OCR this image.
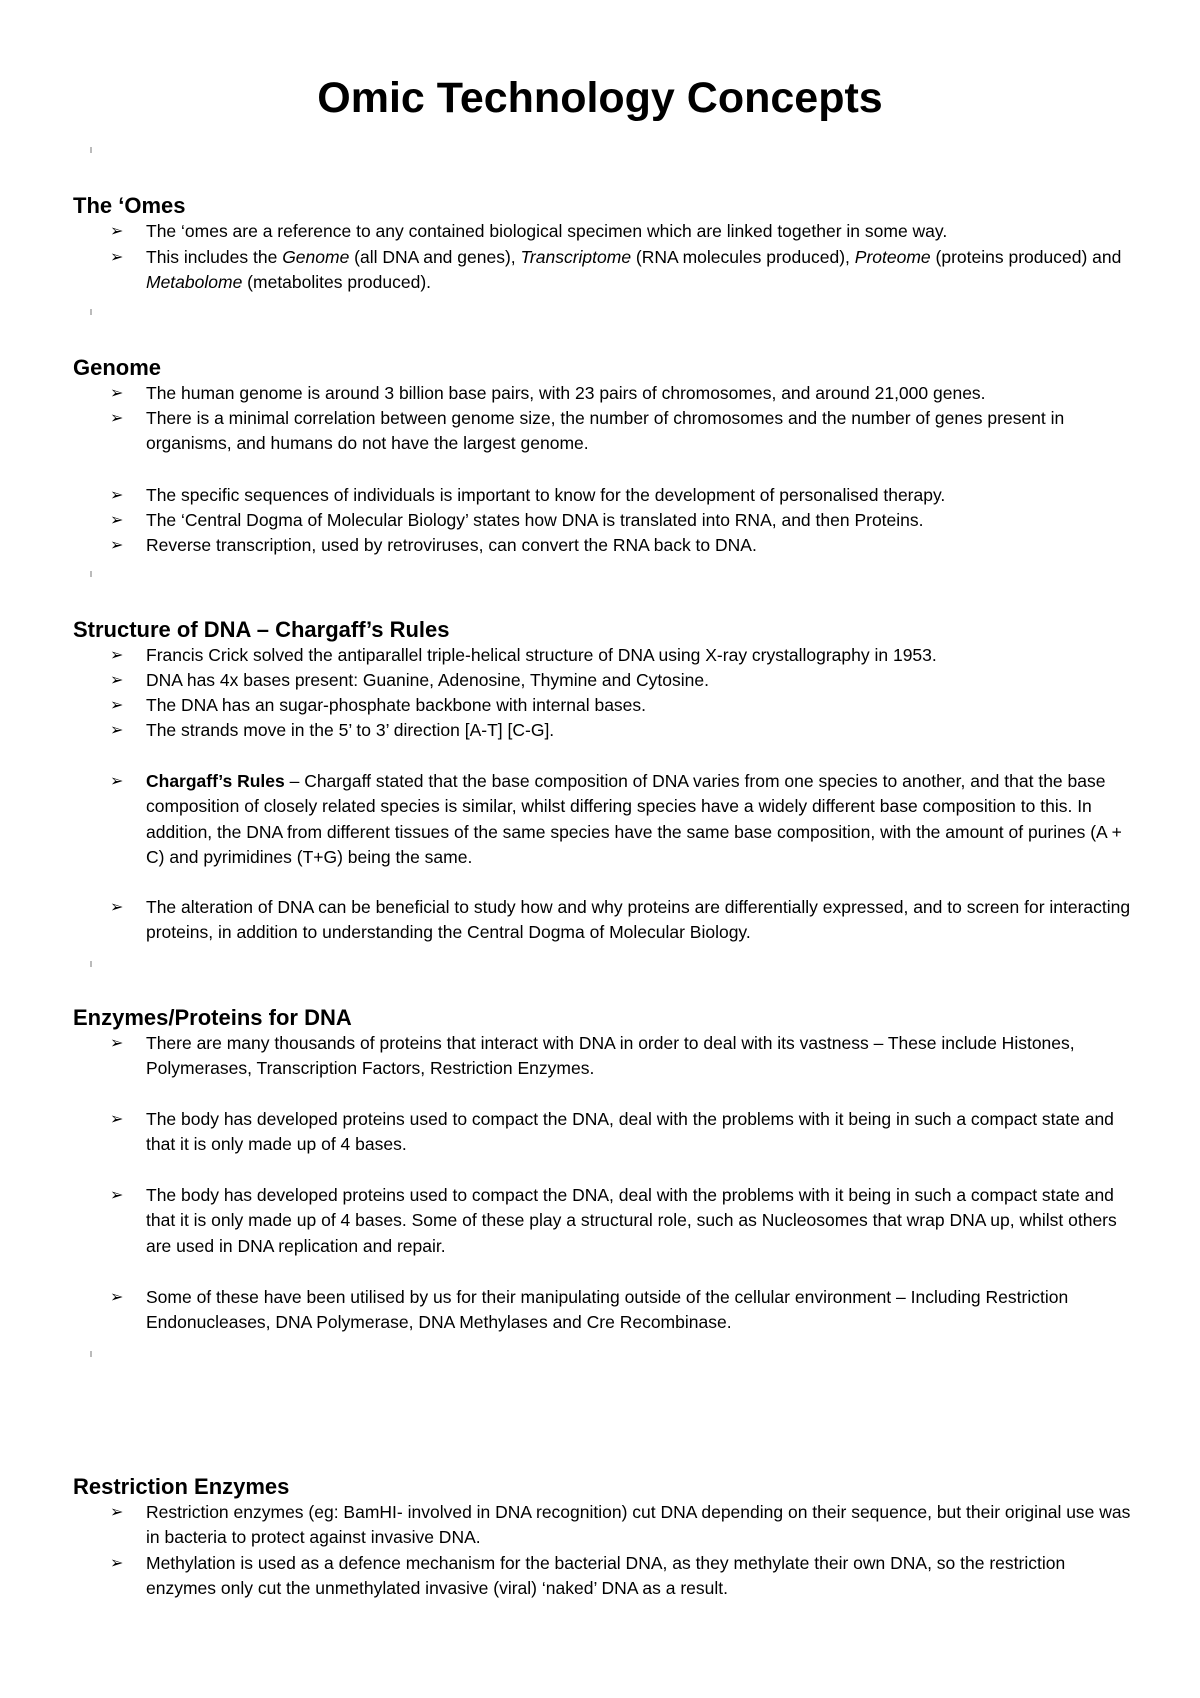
Omic Technology Concepts
The ‘Omes
➢ The ‘omes are a reference to any contained biological specimen which are linked together in some way.
➢ This includes the Genome (all DNA and genes), Transcriptome (RNA molecules produced), Proteome (proteins produced) and Metabolome (metabolites produced).
Genome
➢ The human genome is around 3 billion base pairs, with 23 pairs of chromosomes, and around 21,000 genes.
➢ There is a minimal correlation between genome size, the number of chromosomes and the number of genes present in organisms, and humans do not have the largest genome.
➢ The specific sequences of individuals is important to know for the development of personalised therapy.
➢ The ‘Central Dogma of Molecular Biology’ states how DNA is translated into RNA, and then Proteins.
➢ Reverse transcription, used by retroviruses, can convert the RNA back to DNA.
Structure of DNA – Chargaff’s Rules
➢ Francis Crick solved the antiparallel triple-helical structure of DNA using X-ray crystallography in 1953.
➢ DNA has 4x bases present: Guanine, Adenosine, Thymine and Cytosine.
➢ The DNA has an sugar-phosphate backbone with internal bases.
➢ The strands move in the 5’ to 3’ direction [A-T] [C-G].
➢ Chargaff’s Rules – Chargaff stated that the base composition of DNA varies from one species to another, and that the base composition of closely related species is similar, whilst differing species have a widely different base composition to this. In addition, the DNA from different tissues of the same species have the same base composition, with the amount of purines (A + C) and pyrimidines (T+G) being the same.
➢ The alteration of DNA can be beneficial to study how and why proteins are differentially expressed, and to screen for interacting proteins, in addition to understanding the Central Dogma of Molecular Biology.
Enzymes/Proteins for DNA
➢ There are many thousands of proteins that interact with DNA in order to deal with its vastness – These include Histones, Polymerases, Transcription Factors, Restriction Enzymes.
➢ The body has developed proteins used to compact the DNA, deal with the problems with it being in such a compact state and that it is only made up of 4 bases.
➢ The body has developed proteins used to compact the DNA, deal with the problems with it being in such a compact state and that it is only made up of 4 bases. Some of these play a structural role, such as Nucleosomes that wrap DNA up, whilst others are used in DNA replication and repair.
➢ Some of these have been utilised by us for their manipulating outside of the cellular environment – Including Restriction Endonucleases, DNA Polymerase, DNA Methylases and Cre Recombinase.
Restriction Enzymes
➢ Restriction enzymes (eg: BamHI- involved in DNA recognition) cut DNA depending on their sequence, but their original use was in bacteria to protect against invasive DNA.
➢ Methylation is used as a defence mechanism for the bacterial DNA, as they methylate their own DNA, so the restriction enzymes only cut the unmethylated invasive (viral) ‘naked’ DNA as a result.
